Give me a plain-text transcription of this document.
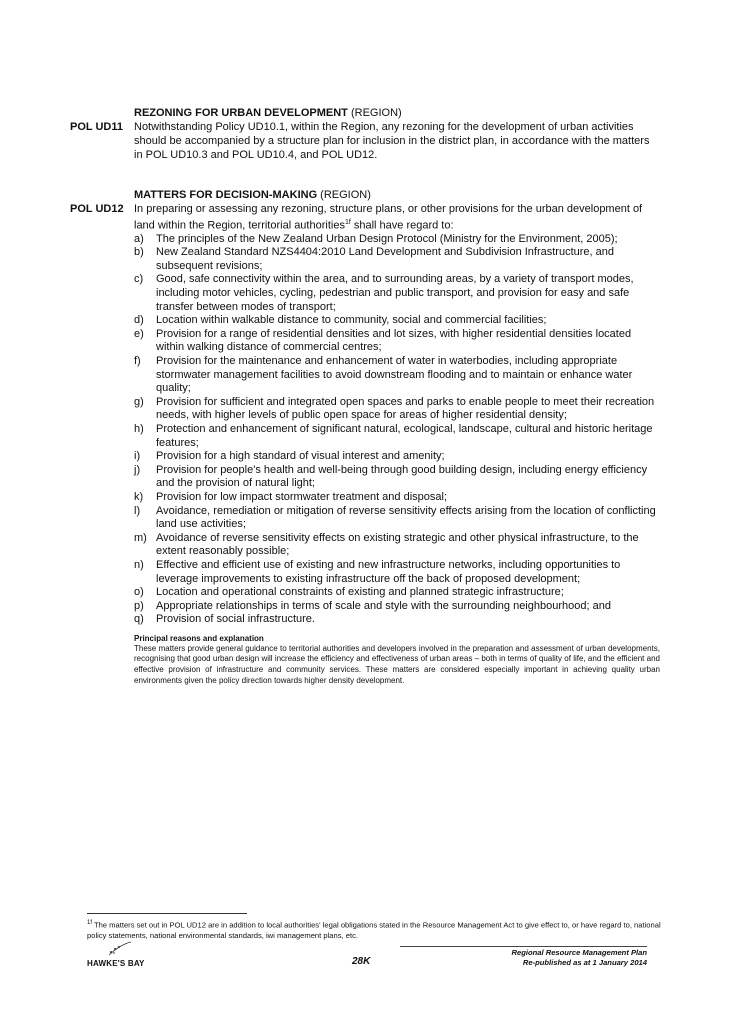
REZONING FOR URBAN DEVELOPMENT (REGION)
POL UD11	Notwithstanding Policy UD10.1, within the Region, any rezoning for the development of urban activities should be accompanied by a structure plan for inclusion in the district plan, in accordance with the matters in POL UD10.3 and POL UD10.4, and POL UD12.
MATTERS FOR DECISION-MAKING (REGION)
POL UD12 In preparing or assessing any rezoning, structure plans, or other provisions for the urban development of land within the Region, territorial authorities$^{1f}$ shall have regard to:
a)	The principles of the New Zealand Urban Design Protocol (Ministry for the Environment, 2005);
b)	New Zealand Standard NZS4404:2010 Land Development and Subdivision Infrastructure, and subsequent revisions;
c)	Good, safe connectivity within the area, and to surrounding areas, by a variety of transport modes, including motor vehicles, cycling, pedestrian and public transport, and provision for easy and safe transfer between modes of transport;
d)	Location within walkable distance to community, social and commercial facilities;
e)	Provision for a range of residential densities and lot sizes, with higher residential densities located within walking distance of commercial centres;
f)	Provision for the maintenance and enhancement of water in waterbodies, including appropriate stormwater management facilities to avoid downstream flooding and to maintain or enhance water quality;
g)	Provision for sufficient and integrated open spaces and parks to enable people to meet their recreation needs, with higher levels of public open space for areas of higher residential density;
h)	Protection and enhancement of significant natural, ecological, landscape, cultural and historic heritage features;
i)	Provision for a high standard of visual interest and amenity;
j)	Provision for people's health and well-being through good building design, including energy efficiency and the provision of natural light;
k)	Provision for low impact stormwater treatment and disposal;
l)	Avoidance, remediation or mitigation of reverse sensitivity effects arising from the location of conflicting land use activities;
m) Avoidance of reverse sensitivity effects on existing strategic and other physical infrastructure, to the extent reasonably possible;
n)	Effective and efficient use of existing and new infrastructure networks, including opportunities to leverage improvements to existing infrastructure off the back of proposed development;
o)	Location and operational constraints of existing and planned strategic infrastructure;
p)	Appropriate relationships in terms of scale and style with the surrounding neighbourhood; and
q)	Provision of social infrastructure.
Principal reasons and explanation
These matters provide general guidance to territorial authorities and developers involved in the preparation and assessment of urban developments, recognising that good urban design will increase the efficiency and effectiveness of urban areas – both in terms of quality of life, and the efficient and effective provision of infrastructure and community services. These matters are considered especially important in achieving quality urban environments given the policy direction towards higher density development.
$^{1f}$ The matters set out in POL UD12 are in addition to local authorities' legal obligations stated in the Resource Management Act to give effect to, or have regard to, national policy statements, national environmental standards, iwi management plans, etc.
HAWKE'S BAY	28K
Regional Resource Management Plan
Re-published as at 1 January 2014
